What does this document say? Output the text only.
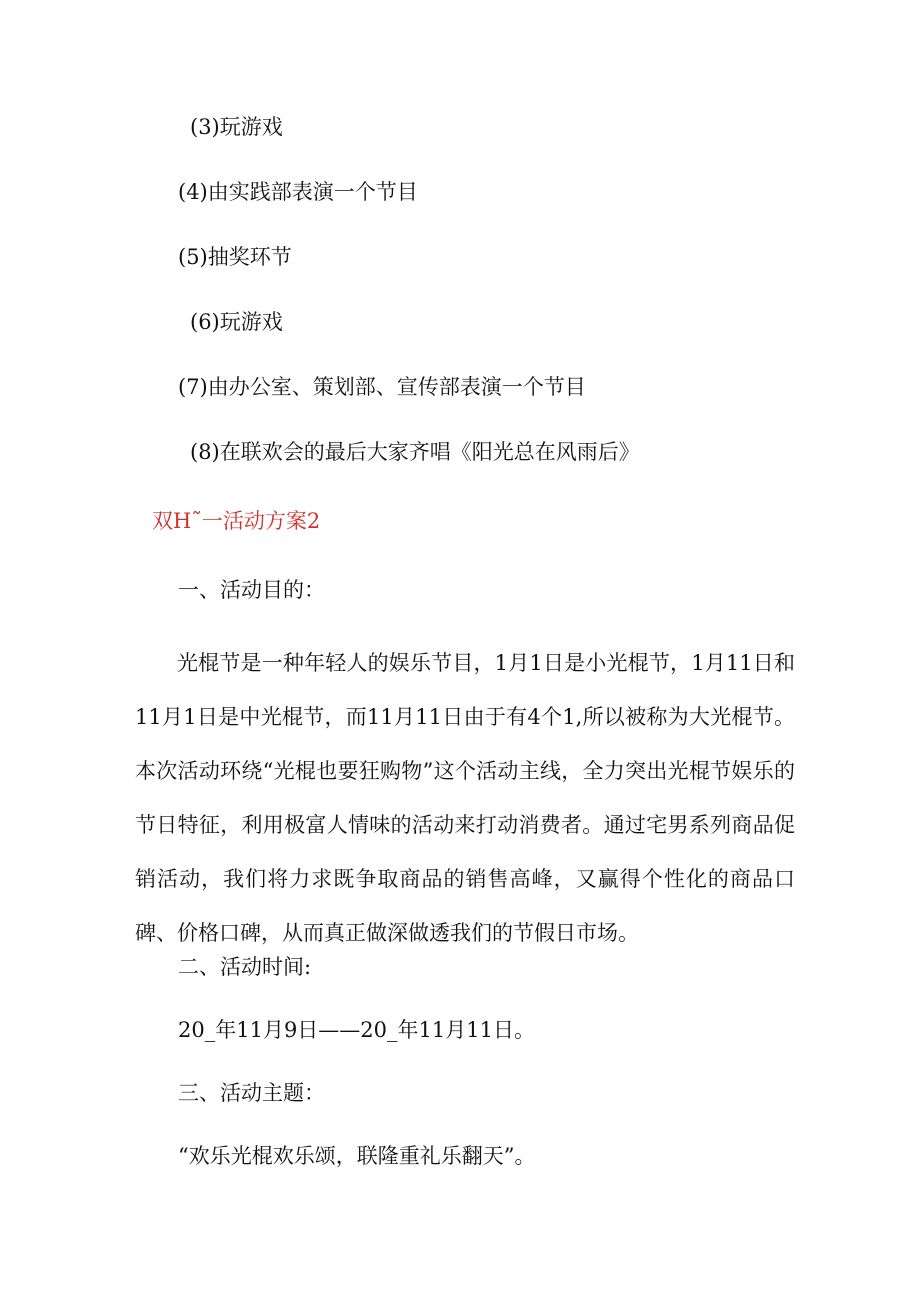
(3)玩游戏
(4)由实践部表演一个节目
(5)抽奖环节
(6)玩游戏
(7)由办公室、策划部、宣传部表演一个节目
(8)在联欢会的最后大家齐唱《阳光总在风雨后》
双H˜一活动方案2
一、活动目的：
光棍节是一种年轻人的娱乐节目，1月1日是小光棍节，1月11日和11月1日是中光棍节，而11月11日由于有4个1,所以被称为大光棍节。本次活动环绕“光棍也要狂购物”这个活动主线，全力突出光棍节娱乐的节日特征，利用极富人情味的活动来打动消费者。通过宅男系列商品促销活动，我们将力求既争取商品的销售高峰，又赢得个性化的商品口碑、价格口碑，从而真正做深做透我们的节假日市场。
二、活动时间:
20_年11月9日——20_年11月11日。
三、活动主题：
“欢乐光棍欢乐颂，联隆重礼乐翻天”。
